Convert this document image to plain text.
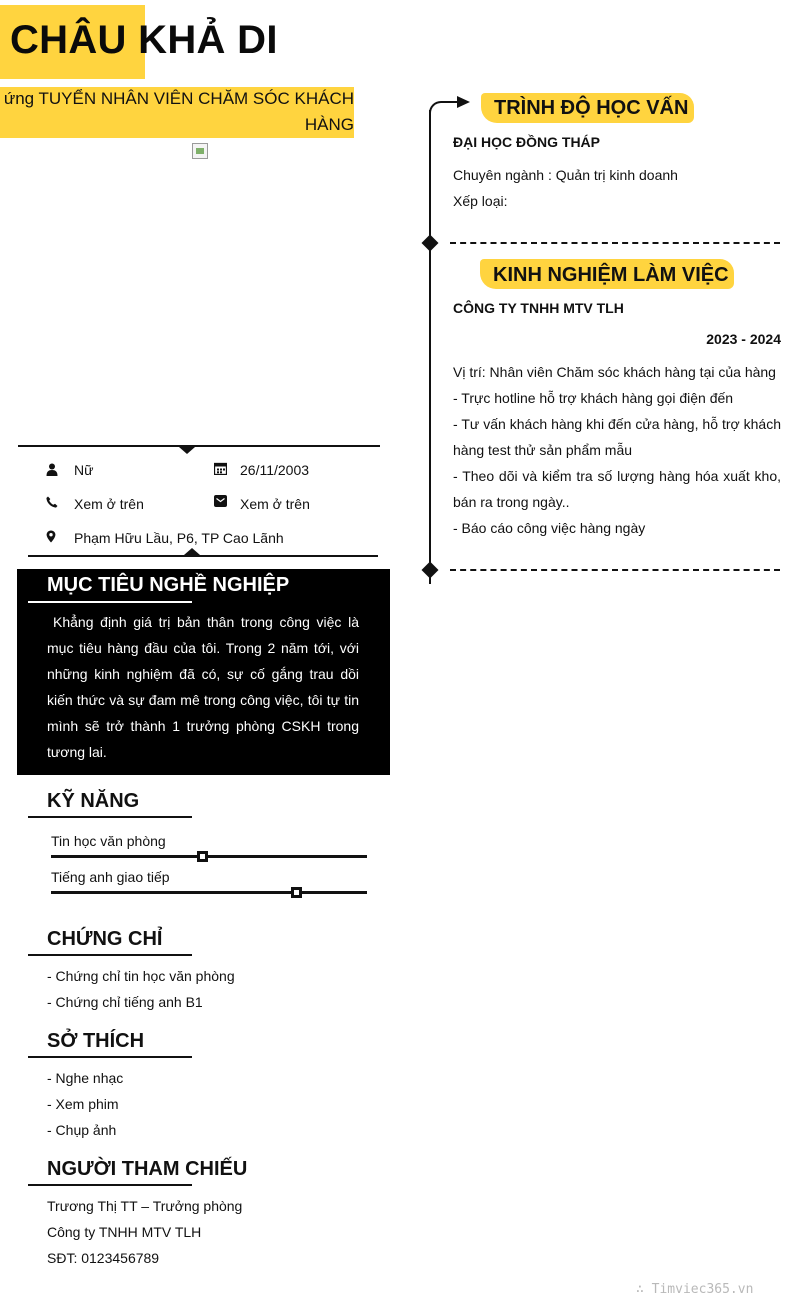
CHÂU KHẢ DI
ứng TUYỂN NHÂN VIÊN CHĂM SÓC KHÁCH HÀNG
Nữ	26/11/2003
Xem ở trên	Xem ở trên
Phạm Hữu Lầu, P6, TP Cao Lãnh
MỤC TIÊU NGHỀ NGHIỆP
Khẳng định giá trị bản thân trong công việc là mục tiêu hàng đầu của tôi. Trong 2 năm tới, với những kinh nghiệm đã có, sự cố gắng trau dồi kiến thức và sự đam mê trong công việc, tôi tự tin mình sẽ trở thành 1 trưởng phòng CSKH trong tương lai.
KỸ NĂNG
Tin học văn phòng
Tiếng anh giao tiếp
CHỨNG CHỈ
- Chứng chỉ tin học văn phòng
- Chứng chỉ tiếng anh B1
SỞ THÍCH
- Nghe nhạc
- Xem phim
- Chụp ảnh
NGƯỜI THAM CHIẾU
Trương Thị TT – Trưởng phòng
Công ty TNHH MTV TLH
SĐT: 0123456789
TRÌNH ĐỘ HỌC VẤN
ĐẠI HỌC ĐỒNG THÁP
Chuyên ngành : Quản trị kinh doanh
Xếp loại:
KINH NGHIỆM LÀM VIỆC
CÔNG TY TNHH MTV TLH
2023 - 2024
Vị trí: Nhân viên Chăm sóc khách hàng tại của hàng
- Trực hotline hỗ trợ khách hàng gọi điện đến
- Tư vấn khách hàng khi đến cửa hàng, hỗ trợ khách hàng test thử sản phẩm mẫu
- Theo dõi và kiểm tra số lượng hàng hóa xuất kho, bán ra trong ngày..
- Báo cáo công việc hàng ngày
∴ Timviec365.vn
